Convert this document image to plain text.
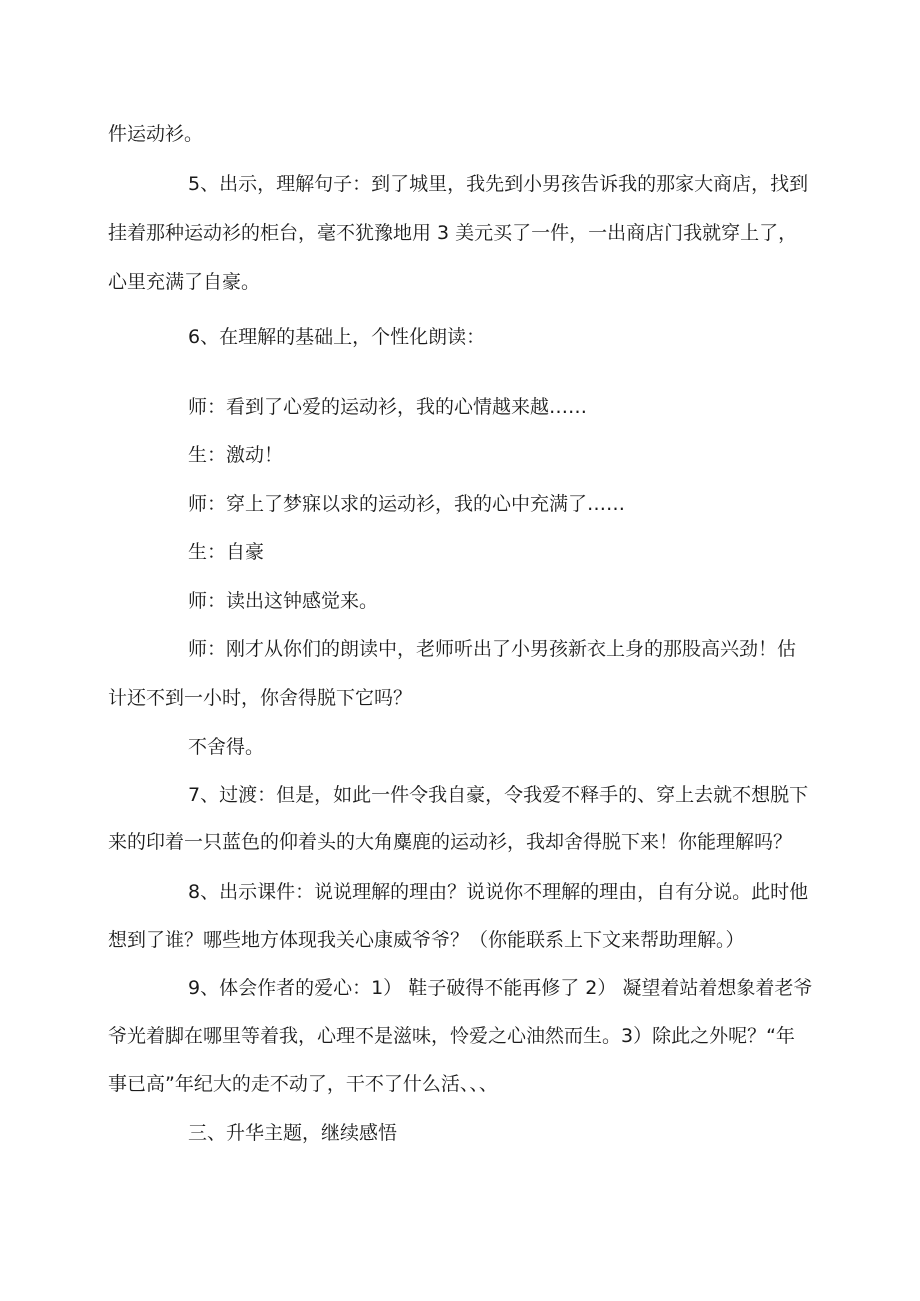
件运动衫。
5、出示，理解句子：到了城里，我先到小男孩告诉我的那家大商店，找到
挂着那种运动衫的柜台，毫不犹豫地用 3 美元买了一件，一出商店门我就穿上了，
心里充满了自豪。
6、在理解的基础上，个性化朗读：
师：看到了心爱的运动衫，我的心情越来越……
生：激动！
师：穿上了梦寐以求的运动衫，我的心中充满了……
生：自豪
师：读出这钟感觉来。
师：刚才从你们的朗读中，老师听出了小男孩新衣上身的那股高兴劲！估
计还不到一小时，你舍得脱下它吗？
不舍得。
7、过渡：但是，如此一件令我自豪，令我爱不释手的、穿上去就不想脱下
来的印着一只蓝色的仰着头的大角麋鹿的运动衫，我却舍得脱下来！你能理解吗？
8、出示课件：说说理解的理由？说说你不理解的理由，自有分说。此时他
想到了谁？哪些地方体现我关心康威爷爷？（你能联系上下文来帮助理解。）
9、体会作者的爱心：1） 鞋子破得不能再修了 2） 凝望着站着想象着老爷
爷光着脚在哪里等着我，心理不是滋味，怜爱之心油然而生。3）除此之外呢？“年
事已高”年纪大的走不动了，干不了什么活、、、
三、升华主题，继续感悟
